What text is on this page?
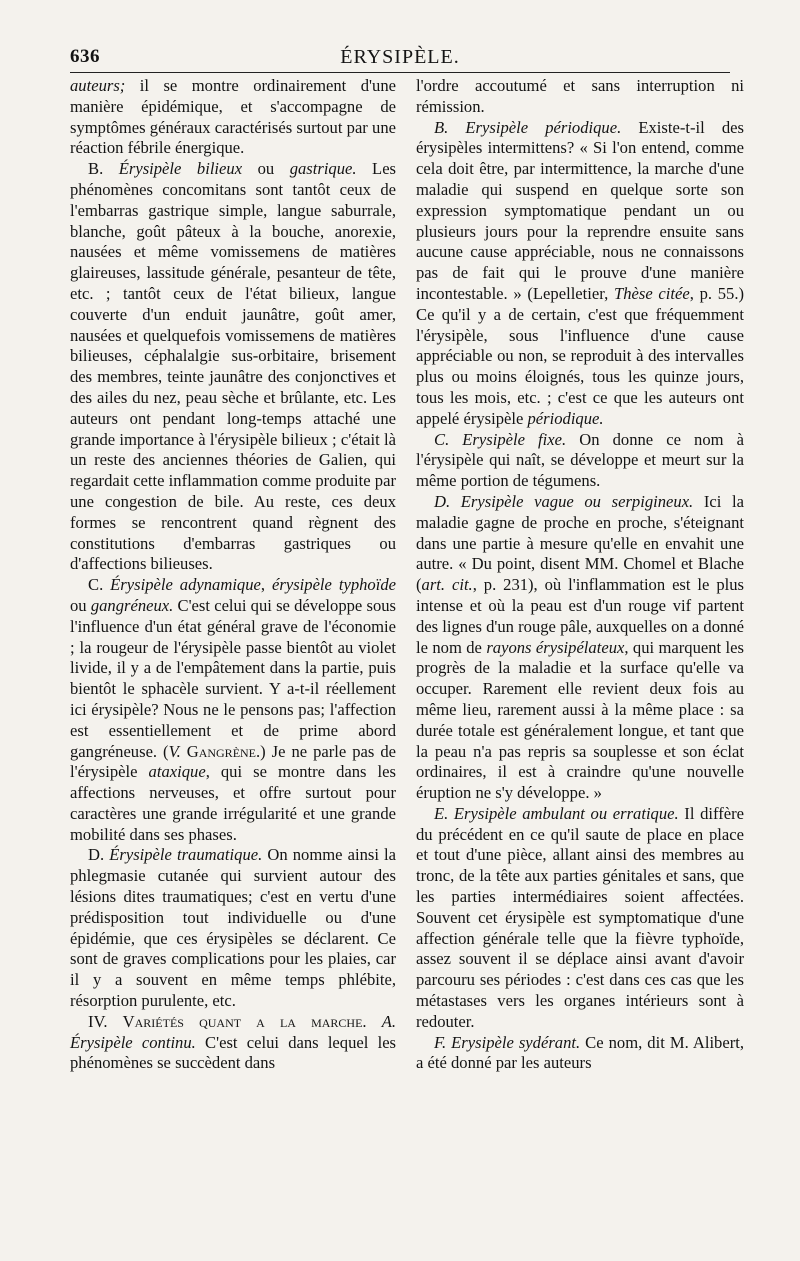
636	ÉRYSIPÈLE.

auteurs; il se montre ordinairement d'une manière épidémique, et s'accompagne de symptômes généraux caractérisés surtout par une réaction fébrile énergique.

B. Érysipèle bilieux ou gastrique. Les phénomènes concomitans sont tantôt ceux de l'embarras gastrique simple, langue saburrale, blanche, goût pâteux à la bouche, anorexie, nausées et même vomissemens de matières glaireuses, lassitude générale, pesanteur de tête, etc. ; tantôt ceux de l'état bilieux, langue couverte d'un enduit jaunâtre, goût amer, nausées et quelquefois vomissemens de matières bilieuses, céphalalgie sus-orbitaire, brisement des membres, teinte jaunâtre des conjonctives et des ailes du nez, peau sèche et brûlante, etc. Les auteurs ont pendant long-temps attaché une grande importance à l'érysipèle bilieux ; c'était là un reste des anciennes théories de Galien, qui regardait cette inflammation comme produite par une congestion de bile. Au reste, ces deux formes se rencontrent quand règnent des constitutions d'embarras gastriques ou d'affections bilieuses.

C. Érysipèle adynamique, érysipèle typhoïde ou gangréneux. C'est celui qui se développe sous l'influence d'un état général grave de l'économie ; la rougeur de l'érysipèle passe bientôt au violet livide, il y a de l'empâtement dans la partie, puis bientôt le sphacèle survient. Y a-t-il réellement ici érysipèle? Nous ne le pensons pas; l'affection est essentiellement et de prime abord gangréneuse. (V. Gangrène.) Je ne parle pas de l'érysipèle ataxique, qui se montre dans les affections nerveuses, et offre surtout pour caractères une grande irrégularité et une grande mobilité dans ses phases.

D. Érysipèle traumatique. On nomme ainsi la phlegmasie cutanée qui survient autour des lésions dites traumatiques; c'est en vertu d'une prédisposition tout individuelle ou d'une épidémie, que ces érysipèles se déclarent. Ce sont de graves complications pour les plaies, car il y a souvent en même temps phlébite, résorption purulente, etc.

IV. Variétés quant a la marche. A. Érysipèle continu. C'est celui dans lequel les phénomènes se succèdent dans

l'ordre accoutumé et sans interruption ni rémission.

B. Erysipèle périodique. Existe-t-il des érysipèles intermittens? « Si l'on entend, comme cela doit être, par intermittence, la marche d'une maladie qui suspend en quelque sorte son expression symptomatique pendant un ou plusieurs jours pour la reprendre ensuite sans aucune cause appréciable, nous ne connaissons pas de fait qui le prouve d'une manière incontestable. » (Lepelletier, Thèse citée, p. 55.) Ce qu'il y a de certain, c'est que fréquemment l'érysipèle, sous l'influence d'une cause appréciable ou non, se reproduit à des intervalles plus ou moins éloignés, tous les quinze jours, tous les mois, etc. ; c'est ce que les auteurs ont appelé érysipèle périodique.

C. Erysipèle fixe. On donne ce nom à l'érysipèle qui naît, se développe et meurt sur la même portion de tégumens.

D. Erysipèle vague ou serpigineux. Ici la maladie gagne de proche en proche, s'éteignant dans une partie à mesure qu'elle en envahit une autre. « Du point, disent MM. Chomel et Blache (art. cit., p. 231), où l'inflammation est le plus intense et où la peau est d'un rouge vif partent des lignes d'un rouge pâle, auxquelles on a donné le nom de rayons érysipélateux, qui marquent les progrès de la maladie et la surface qu'elle va occuper. Rarement elle revient deux fois au même lieu, rarement aussi à la même place : sa durée totale est généralement longue, et tant que la peau n'a pas repris sa souplesse et son éclat ordinaires, il est à craindre qu'une nouvelle éruption ne s'y développe. »

E. Erysipèle ambulant ou erratique. Il diffère du précédent en ce qu'il saute de place en place et tout d'une pièce, allant ainsi des membres au tronc, de la tête aux parties génitales et sans, que les parties intermédiaires soient affectées. Souvent cet érysipèle est symptomatique d'une affection générale telle que la fièvre typhoïde, assez souvent il se déplace ainsi avant d'avoir parcouru ses périodes : c'est dans ces cas que les métastases vers les organes intérieurs sont à redouter.

F. Erysipèle sydérant. Ce nom, dit M. Alibert, a été donné par les auteurs
